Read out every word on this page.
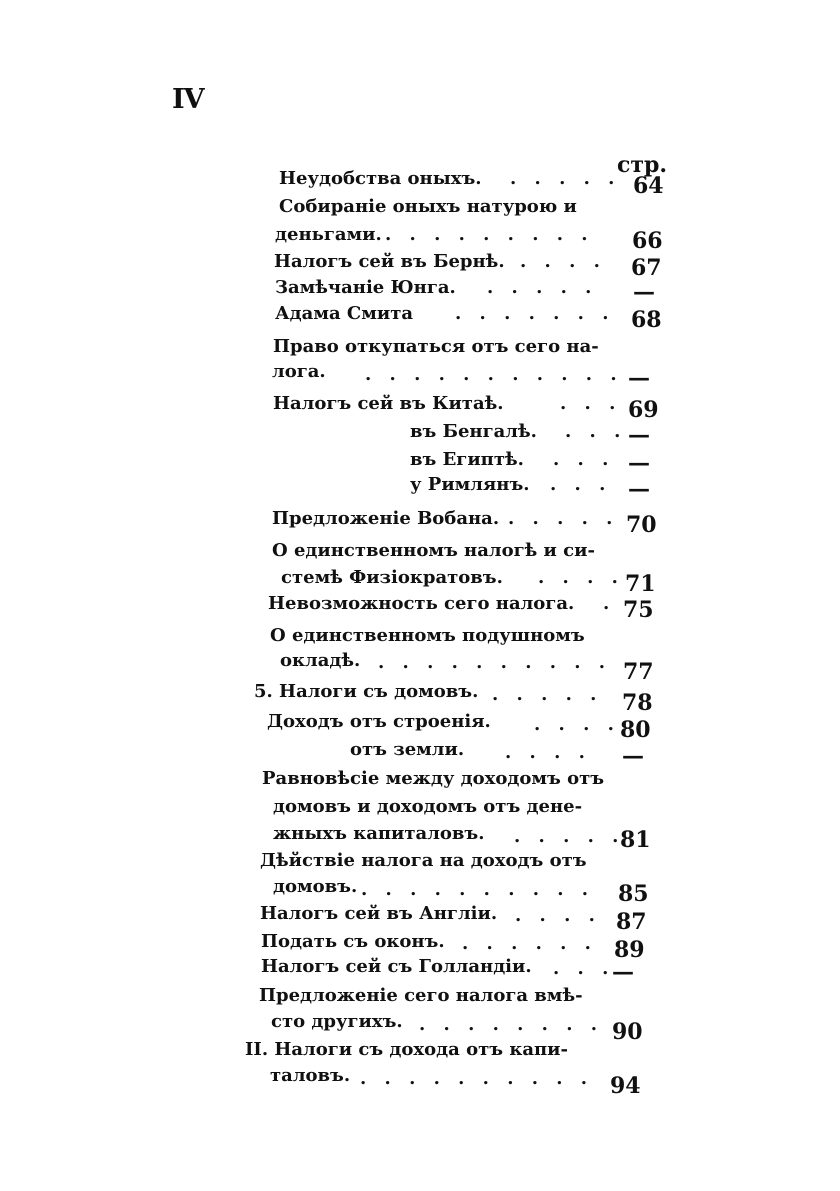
IV
стр.
Неудобства оныхъ. . . . . . 64
Собираніе оныхъ натурою и
деньгами. . . . . . . . . . 66
Налогъ сей въ Бернѣ. . . . . 67
Замѣчаніе Юнга. . . . . . —
Адама Смита . . . . . . . 68
Право откупаться отъ сего на-
лога. . . . . . . . . . . . —
Налогъ сей въ Китаѣ.	. . . 69
въ Бенгалѣ. . . . —
въ Египтѣ. . . . —
у Римлянъ. . . . —
Предложеніе Вобана. . . . . . 70
О единственномъ налогѣ и си-
стемѣ Физіократовъ. . . . . 71
Невозможность сего налога. . 75
О единственномъ подушномъ
окладѣ. . . . . . . . . . . 77
5. Налоги съ домовъ. . . . . . 78
Доходъ отъ строенія. . . . . 80
отъ земли. . . . . —
Равновѣсіе между доходомъ отъ
домовъ и доходомъ отъ дене-
жныхъ капиталовъ. . . . . .
81
Дѣйствіе налога на доходъ отъ
домовъ. . . . . . . . . . . 85
Налогъ сей въ Англіи. . . . . 87
Подать съ оконъ. . . . . . . 89
Налогъ сей съ Голландіи. . . .
—
Предложеніе сего налога вмѣ-
сто другихъ. . . . . . . . . 90
II. Налоги съ дохода отъ капи-
таловъ. . . . . . . . . . . 94
